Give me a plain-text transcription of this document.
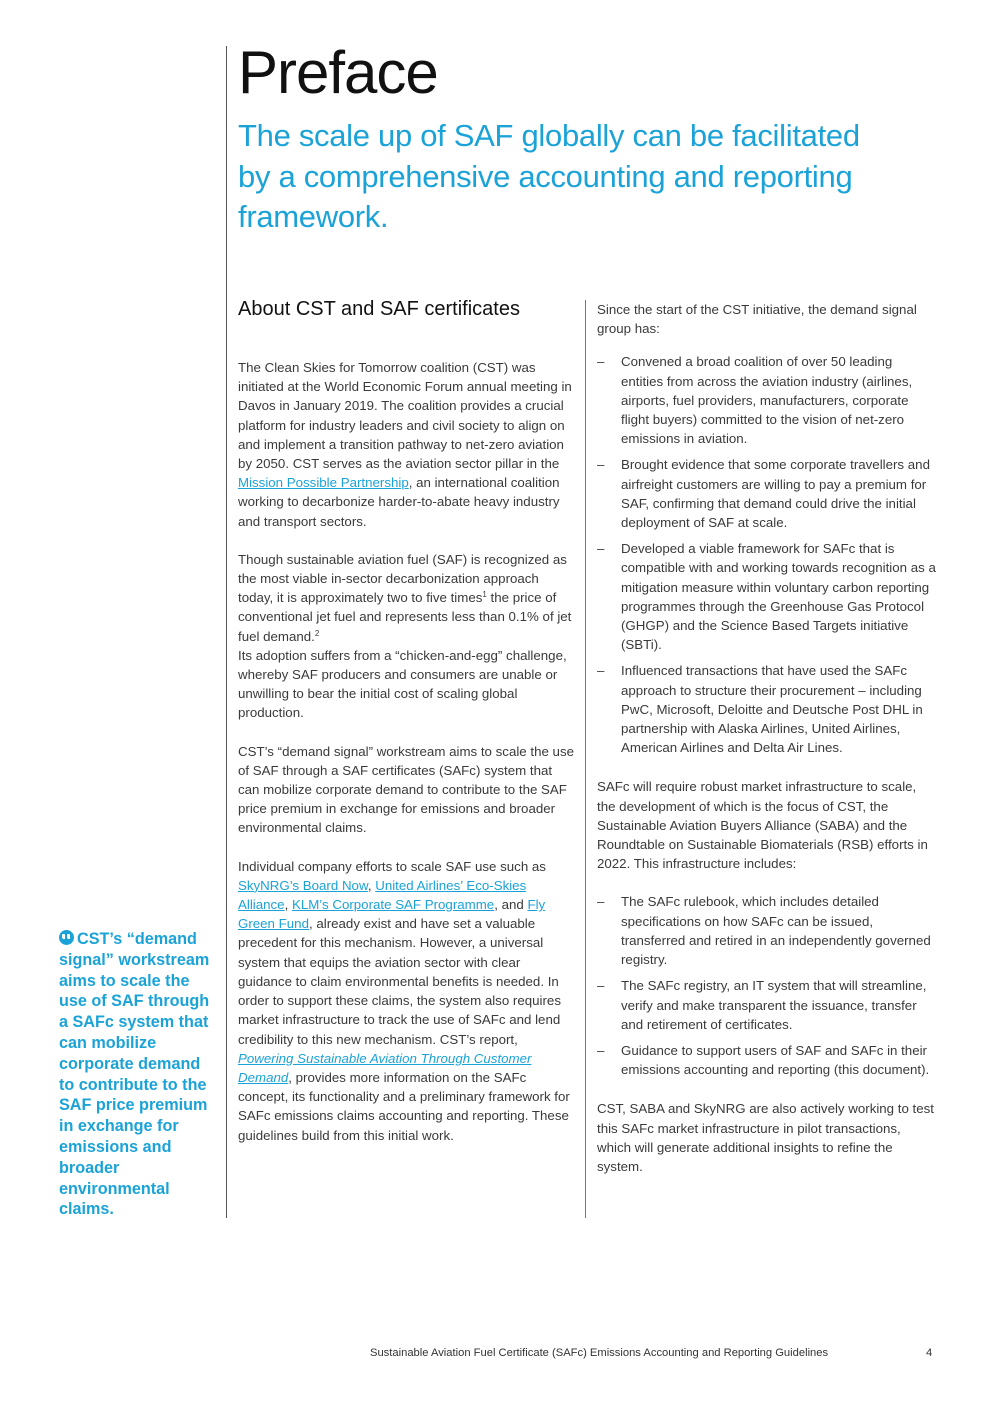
Preface
The scale up of SAF globally can be facilitated by a comprehensive accounting and reporting framework.
About CST and SAF certificates

The Clean Skies for Tomorrow coalition (CST) was initiated at the World Economic Forum annual meeting in Davos in January 2019. The coalition provides a crucial platform for industry leaders and civil society to align on and implement a transition pathway to net-zero aviation by 2050. CST serves as the aviation sector pillar in the Mission Possible Partnership, an international coalition working to decarbonize harder-to-abate heavy industry and transport sectors.

Though sustainable aviation fuel (SAF) is recognized as the most viable in-sector decarbonization approach today, it is approximately two to five times$^1$ the price of conventional jet fuel and represents less than 0.1% of jet fuel demand.$^2$
Its adoption suffers from a “chicken-and-egg” challenge, whereby SAF producers and consumers are unable or unwilling to bear the initial cost of scaling global production.

CST’s “demand signal” workstream aims to scale the use of SAF through a SAF certificates (SAFc) system that can mobilize corporate demand to contribute to the SAF price premium in exchange for emissions and broader environmental claims.

Individual company efforts to scale SAF use such as SkyNRG’s Board Now, United Airlines’ Eco-Skies Alliance, KLM’s Corporate SAF Programme, and Fly Green Fund, already exist and have set a valuable precedent for this mechanism. However, a universal system that equips the aviation sector with clear guidance to claim environmental benefits is needed. In order to support these claims, the system also requires market infrastructure to track the use of SAFc and lend credibility to this new mechanism. CST’s report, Powering Sustainable Aviation Through Customer Demand, provides more information on the SAFc concept, its functionality and a preliminary framework for SAFc emissions claims accounting and reporting. These guidelines build from this initial work.

Since the start of the CST initiative, the demand signal group has:

– Convened a broad coalition of over 50 leading entities from across the aviation industry (airlines, airports, fuel providers, manufacturers, corporate flight buyers) committed to the vision of net-zero emissions in aviation.
– Brought evidence that some corporate travellers and airfreight customers are willing to pay a premium for SAF, confirming that demand could drive the initial deployment of SAF at scale.
– Developed a viable framework for SAFc that is compatible with and working towards recognition as a mitigation measure within voluntary carbon reporting programmes through the Greenhouse Gas Protocol (GHGP) and the Science Based Targets initiative (SBTi).
– Influenced transactions that have used the SAFc approach to structure their procurement – including PwC, Microsoft, Deloitte and Deutsche Post DHL in partnership with Alaska Airlines, United Airlines, American Airlines and Delta Air Lines.

SAFc will require robust market infrastructure to scale, the development of which is the focus of CST, the Sustainable Aviation Buyers Alliance (SABA) and the Roundtable on Sustainable Biomaterials (RSB) efforts in 2022. This infrastructure includes:

– The SAFc rulebook, which includes detailed specifications on how SAFc can be issued, transferred and retired in an independently governed registry.
– The SAFc registry, an IT system that will streamline, verify and make transparent the issuance, transfer and retirement of certificates.
– Guidance to support users of SAF and SAFc in their emissions accounting and reporting (this document).

CST, SABA and SkyNRG are also actively working to test this SAFc market infrastructure in pilot transactions, which will generate additional insights to refine the system.

CST’s “demand signal” workstream aims to scale the use of SAF through a SAFc system that can mobilize corporate demand to contribute to the SAF price premium in exchange for emissions and broader environmental claims.
Sustainable Aviation Fuel Certificate (SAFc) Emissions Accounting and Reporting Guidelines	4
